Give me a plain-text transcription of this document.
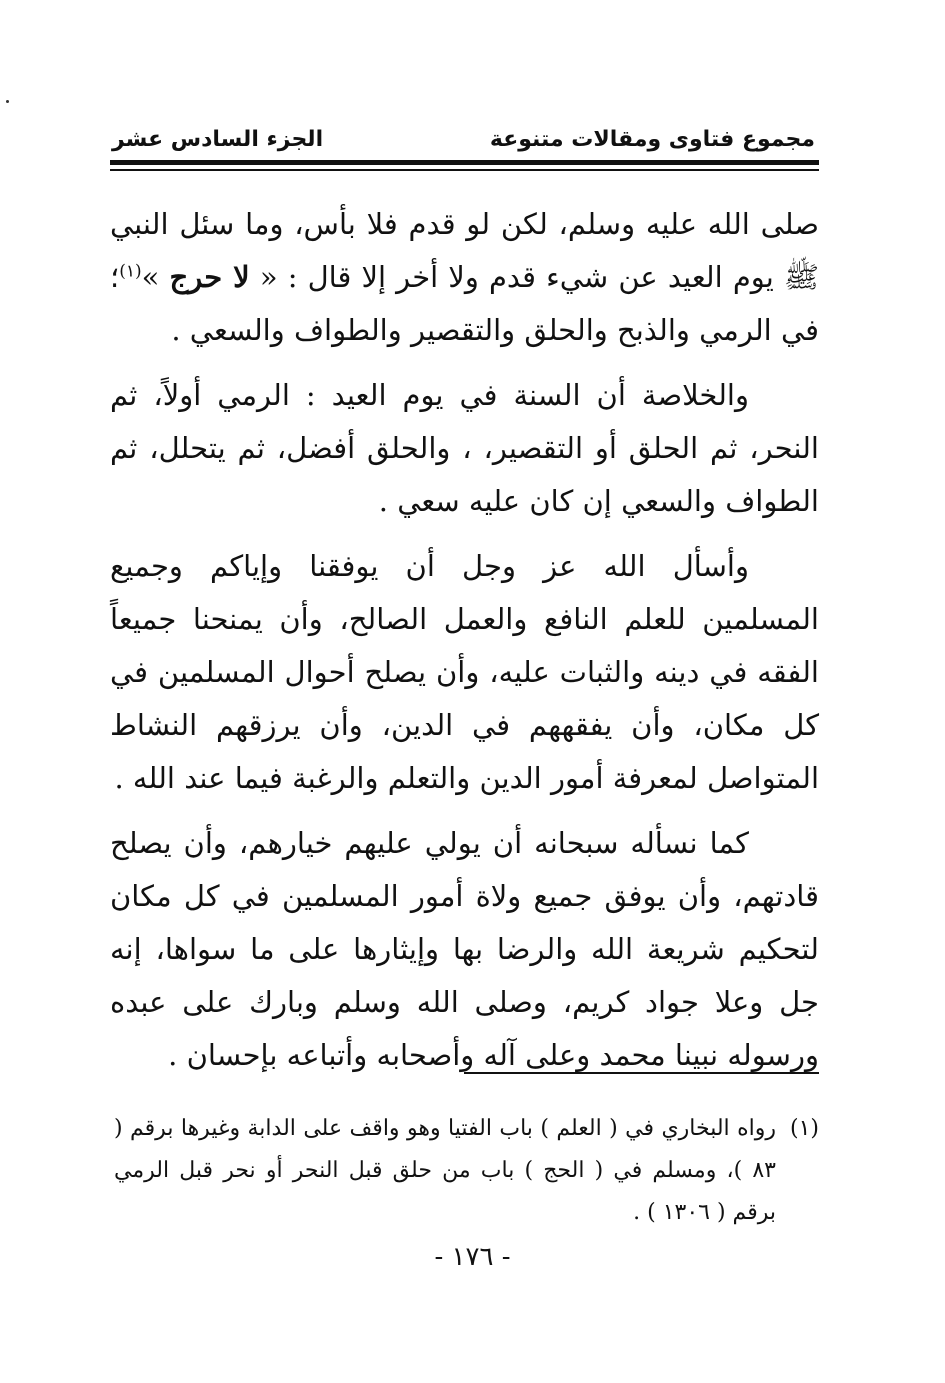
مجموع فتاوى ومقالات متنوعة
الجزء السادس عشر

صلى الله عليه وسلم، لكن لو قدم فلا بأس، وما سئل النبي ﷺ يوم العيد عن شيء قدم ولا أخر إلا قال : « لا حرج »$^{(١)}$؛ في الرمي والذبح والحلق والتقصير والطواف والسعي .

والخلاصة أن السنة في يوم العيد : الرمي أولاً، ثم النحر، ثم الحلق أو التقصير، ، والحلق أفضل، ثم يتحلل، ثم الطواف والسعي إن كان عليه سعي .

وأسأل الله عز وجل أن يوفقنا وإياكم وجميع المسلمين للعلم النافع والعمل الصالح، وأن يمنحنا جميعاً الفقه في دينه والثبات عليه، وأن يصلح أحوال المسلمين في كل مكان، وأن يفقههم في الدين، وأن يرزقهم النشاط المتواصل لمعرفة أمور الدين والتعلم والرغبة فيما عند الله .

كما نسأله سبحانه أن يولي عليهم خيارهم، وأن يصلح قادتهم، وأن يوفق جميع ولاة أمور المسلمين في كل مكان لتحكيم شريعة الله والرضا بها وإيثارها على ما سواها، إنه جل وعلا جواد كريم، وصلى الله وسلم وبارك على عبده ورسوله نبينا محمد وعلى آله وأصحابه وأتباعه بإحسان .

(١)
رواه البخاري في ( العلم ) باب الفتيا وهو واقف على الدابة وغيرها برقم ( ٨٣ )، ومسلم في ( الحج ) باب من حلق قبل النحر أو نحر قبل الرمي برقم ( ١٣٠٦ ) .
- ١٧٦ -
